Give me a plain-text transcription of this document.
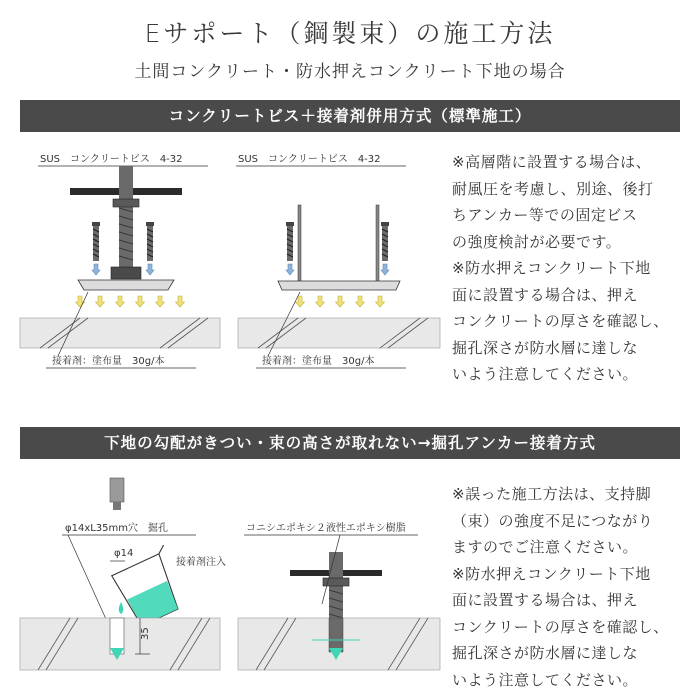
Eサポート（鋼製束）の施工方法
土間コンクリート・防水押えコンクリート下地の場合
コンクリートビス＋接着剤併用方式（標準施工）
下地の勾配がきつい・束の高さが取れない→掘孔アンカー接着方式

※高層階に設置する場合は、

耐風圧を考慮し、別途、後打

ちアンカー等での固定ビス

の強度検討が必要です。

※防水押えコンクリート下地

面に設置する場合は、押え

コンクリートの厚さを確認し、

掘孔深さが防水層に達しな

いよう注意してください。

※誤った施工方法は、支持脚

（束）の強度不足につながり

ますのでご注意ください。

※防水押えコンクリート下地

面に設置する場合は、押え

コンクリートの厚さを確認し、

掘孔深さが防水層に達しな

いよう注意してください。

SUS　コンクリートビス　4-32
接着剤：塗布量　30g/本
SUS　コンクリートビス　4-32
接着剤：塗布量　30g/本
φ14xL35mm穴　掘孔
φ14
接着剤注入
35
コニシエポキシ２液性エポキシ樹脂
